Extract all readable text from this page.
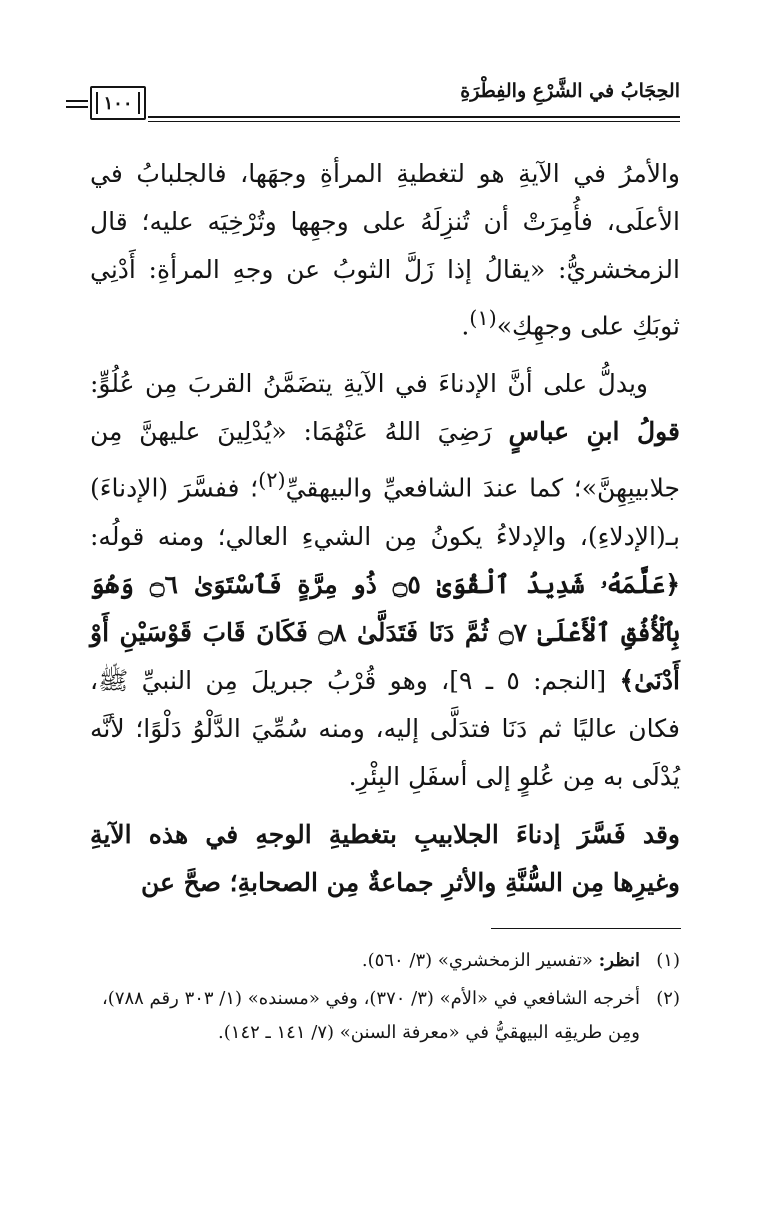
١٠٠
الحِجَابُ في الشَّرْعِ والفِطْرَةِ

والأمرُ في الآيةِ هو لتغطيةِ المرأةِ وجهَها، فالجلبابُ في الأعلَى، فأُمِرَتْ أن تُنزِلَهُ على وجهِها وتُرْخِيَه عليه؛ قال الزمخشريُّ: «يقالُ إذا زَلَّ الثوبُ عن وجهِ المرأةِ: أَدْنِي ثوبَكِ على وجهِكِ»$^{(١)}$.

ويدلُّ على أنَّ الإدناءَ في الآيةِ يتضَمَّنُ القربَ مِن عُلُوٍّ: قولُ ابنِ عباسٍ رَضِيَ اللهُ عَنْهُمَا: «يُدْلِينَ عليهنَّ مِن جلابيبِهِنَّ»؛ كما عندَ الشافعيِّ والبيهقيِّ$^{(٢)}$؛ ففسَّرَ (الإدناءَ) بـ(الإدلاءِ)، والإدلاءُ يكونُ مِن الشيءِ العالي؛ ومنه قولُه: ﴿عَلَّمَهُۥ شَدِيدُ ٱلْقُوَىٰ ۝٥ ذُو مِرَّةٍ فَٱسْتَوَىٰ ۝٦ وَهُوَ بِٱلْأُفُقِ ٱلْأَعْلَىٰ ۝٧ ثُمَّ دَنَا فَتَدَلَّىٰ ۝٨ فَكَانَ قَابَ قَوْسَيْنِ أَوْ أَدْنَىٰ﴾ [النجم: ٥ ـ ٩]، وهو قُرْبُ جبريلَ مِن النبيِّ ﷺ، فكان عاليًا ثم دَنَا فتدَلَّى إليه، ومنه سُمِّيَ الدَّلْوُ دَلْوًا؛ لأنَّه يُدْلَى به مِن عُلوٍ إلى أسفَلِ البِئْرِ.

وقد فَسَّرَ إدناءَ الجلابيبِ بتغطيةِ الوجهِ في هذه الآيةِ وغيرِها مِن السُّنَّةِ والأثرِ جماعةٌ مِن الصحابةِ؛ صحَّ عن

(١)
انظر: «تفسير الزمخشري» (٣/ ٥٦٠).
(٢)
أخرجه الشافعي في «الأم» (٣/ ٣٧٠)، وفي «مسنده» (١/ ٣٠٣ رقم ٧٨٨)، ومِن طريقِه البيهقيُّ في «معرفة السنن» (٧/ ١٤١ ـ ١٤٢).
